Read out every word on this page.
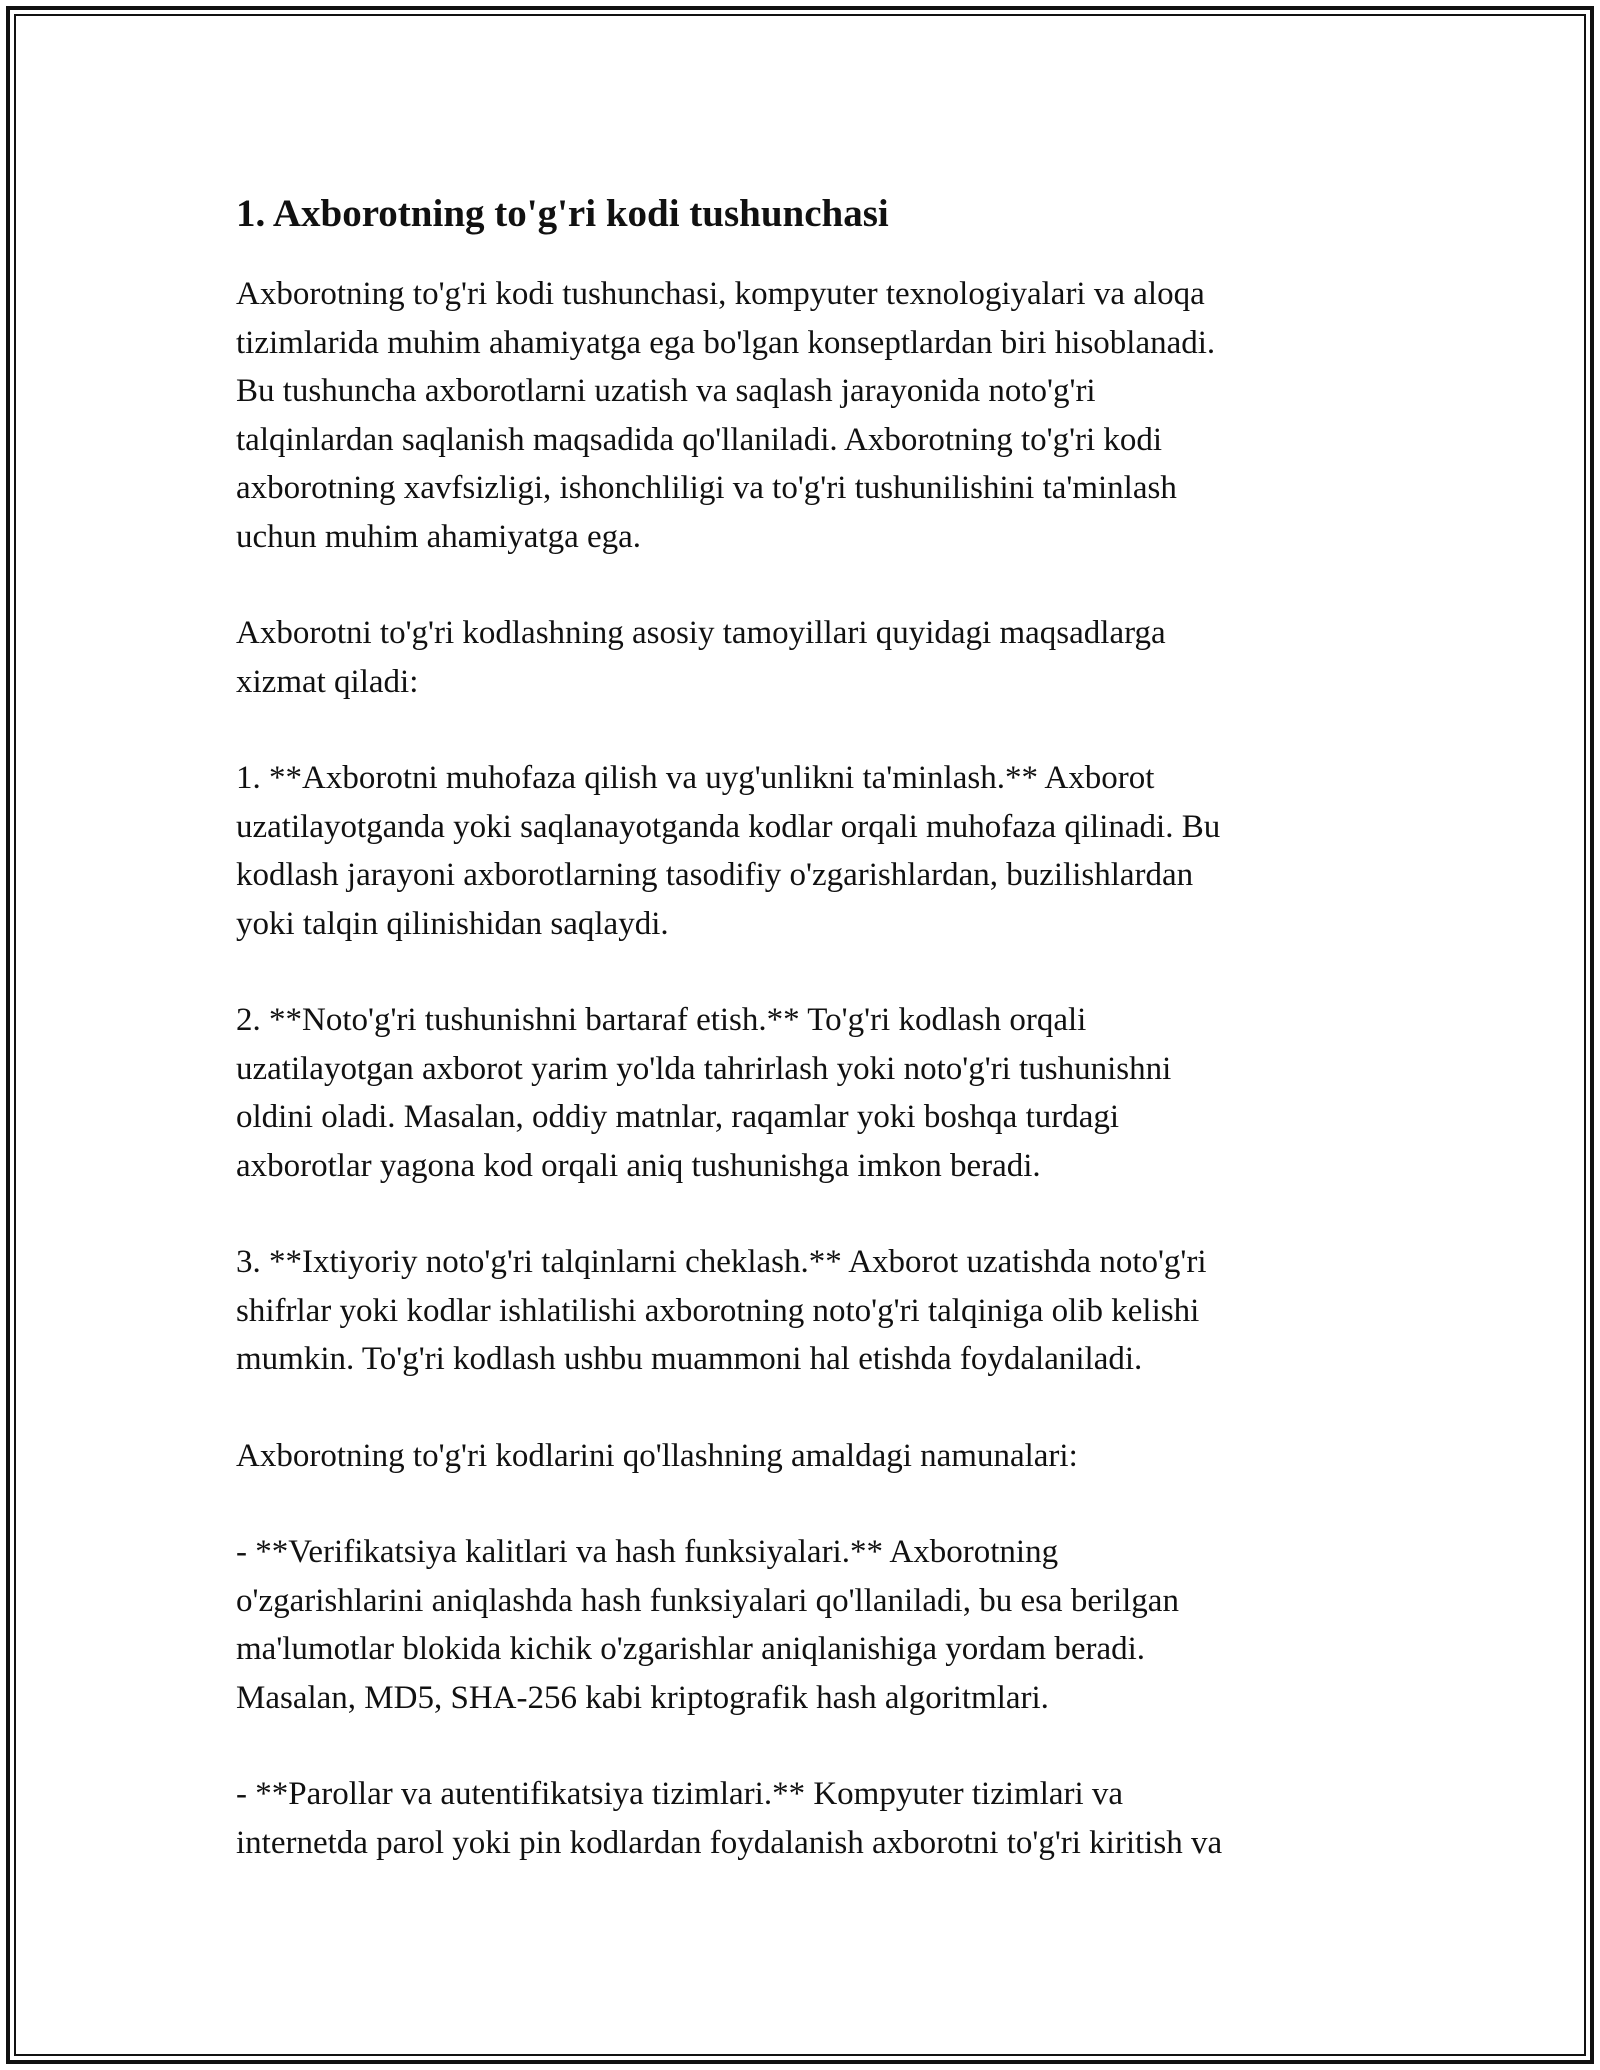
1. Axborotning to'g'ri kodi tushunchasi

Axborotning to'g'ri kodi tushunchasi, kompyuter texnologiyalari va aloqa
tizimlarida muhim ahamiyatga ega bo'lgan konseptlardan biri hisoblanadi.
Bu tushuncha axborotlarni uzatish va saqlash jarayonida noto'g'ri
talqinlardan saqlanish maqsadida qo'llaniladi. Axborotning to'g'ri kodi
axborotning xavfsizligi, ishonchliligi va to'g'ri tushunilishini ta'minlash
uchun muhim ahamiyatga ega.

Axborotni to'g'ri kodlashning asosiy tamoyillari quyidagi maqsadlarga
xizmat qiladi:

1. **Axborotni muhofaza qilish va uyg'unlikni ta'minlash.** Axborot
uzatilayotganda yoki saqlanayotganda kodlar orqali muhofaza qilinadi. Bu
kodlash jarayoni axborotlarning tasodifiy o'zgarishlardan, buzilishlardan
yoki talqin qilinishidan saqlaydi.

2. **Noto'g'ri tushunishni bartaraf etish.** To'g'ri kodlash orqali
uzatilayotgan axborot yarim yo'lda tahrirlash yoki noto'g'ri tushunishni
oldini oladi. Masalan, oddiy matnlar, raqamlar yoki boshqa turdagi
axborotlar yagona kod orqali aniq tushunishga imkon beradi.

3. **Ixtiyoriy noto'g'ri talqinlarni cheklash.** Axborot uzatishda noto'g'ri
shifrlar yoki kodlar ishlatilishi axborotning noto'g'ri talqiniga olib kelishi
mumkin. To'g'ri kodlash ushbu muammoni hal etishda foydalaniladi.

Axborotning to'g'ri kodlarini qo'llashning amaldagi namunalari:

- **Verifikatsiya kalitlari va hash funksiyalari.** Axborotning
o'zgarishlarini aniqlashda hash funksiyalari qo'llaniladi, bu esa berilgan
ma'lumotlar blokida kichik o'zgarishlar aniqlanishiga yordam beradi.
Masalan, MD5, SHA-256 kabi kriptografik hash algoritmlari.

- **Parollar va autentifikatsiya tizimlari.** Kompyuter tizimlari va
internetda parol yoki pin kodlardan foydalanish axborotni to'g'ri kiritish va
